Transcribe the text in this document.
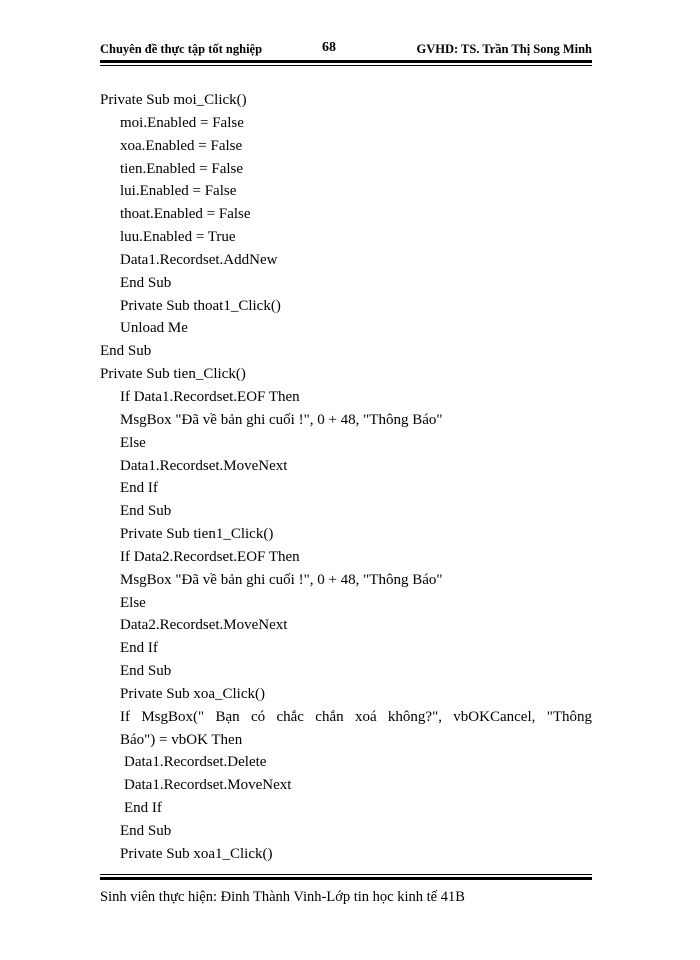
Chuyên đề thực tập tốt nghiệp	68	GVHD: TS. Trần Thị Song Minh
Private Sub moi_Click()
moi.Enabled = False
xoa.Enabled = False
tien.Enabled = False
lui.Enabled = False
thoat.Enabled = False
luu.Enabled = True
Data1.Recordset.AddNew
End Sub
Private Sub thoat1_Click()
Unload Me
End Sub
Private Sub tien_Click()
If Data1.Recordset.EOF Then
MsgBox "Đã về bản ghi cuối !", 0 + 48, "Thông Báo"
Else
Data1.Recordset.MoveNext
End If
End Sub
Private Sub tien1_Click()
If Data2.Recordset.EOF Then
MsgBox "Đã về bản ghi cuối !", 0 + 48, "Thông Báo"
Else
Data2.Recordset.MoveNext
End If
End Sub
Private Sub xoa_Click()
If MsgBox(" Bạn có chắc chắn xoá không?", vbOKCancel, "Thông
Báo") = vbOK Then
Data1.Recordset.Delete
Data1.Recordset.MoveNext
End If
End Sub
Private Sub xoa1_Click()
Sinh viên thực hiện: Đinh Thành Vinh-Lớp tin học kinh tế 41B
